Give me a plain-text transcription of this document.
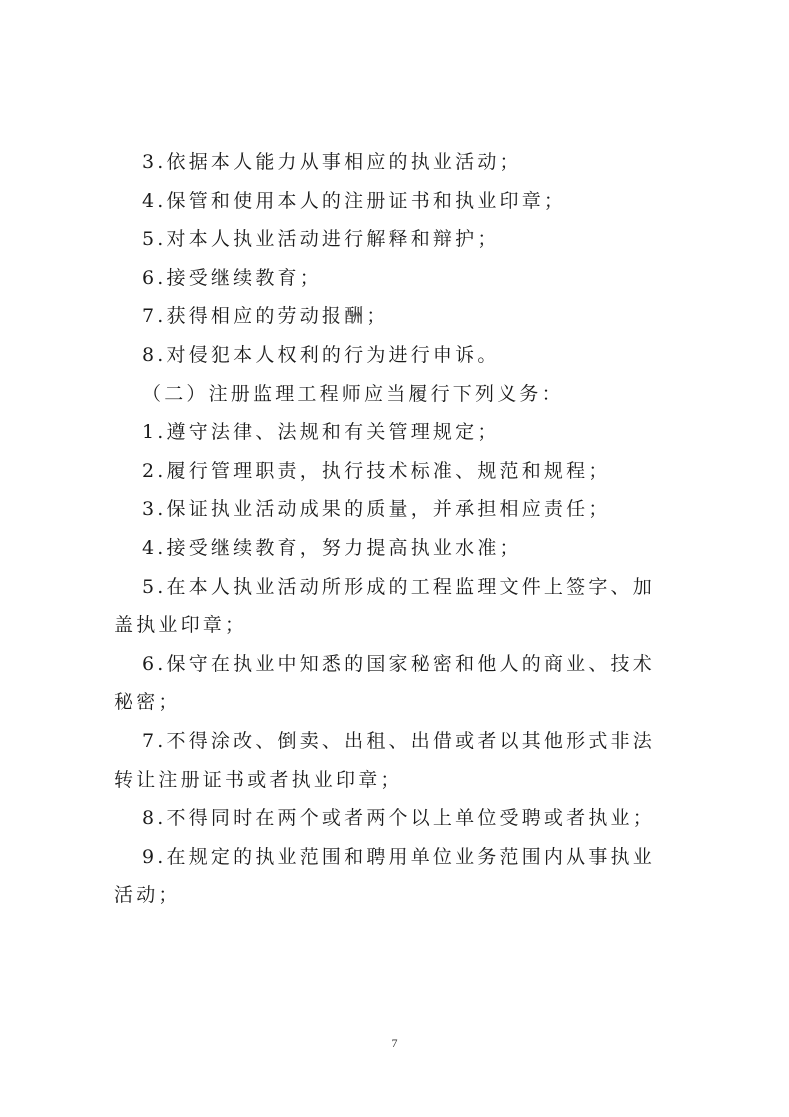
3.依据本人能力从事相应的执业活动；

4.保管和使用本人的注册证书和执业印章；

5.对本人执业活动进行解释和辩护；

6.接受继续教育；

7.获得相应的劳动报酬；

8.对侵犯本人权利的行为进行申诉。

（二）注册监理工程师应当履行下列义务：

1.遵守法律、法规和有关管理规定；

2.履行管理职责，执行技术标准、规范和规程；

3.保证执业活动成果的质量，并承担相应责任；

4.接受继续教育，努力提高执业水准；

5.在本人执业活动所形成的工程监理文件上签字、加
盖执业印章；

6.保守在执业中知悉的国家秘密和他人的商业、技术
秘密；

7.不得涂改、倒卖、出租、出借或者以其他形式非法
转让注册证书或者执业印章；

8.不得同时在两个或者两个以上单位受聘或者执业；

9.在规定的执业范围和聘用单位业务范围内从事执业
活动；

7
